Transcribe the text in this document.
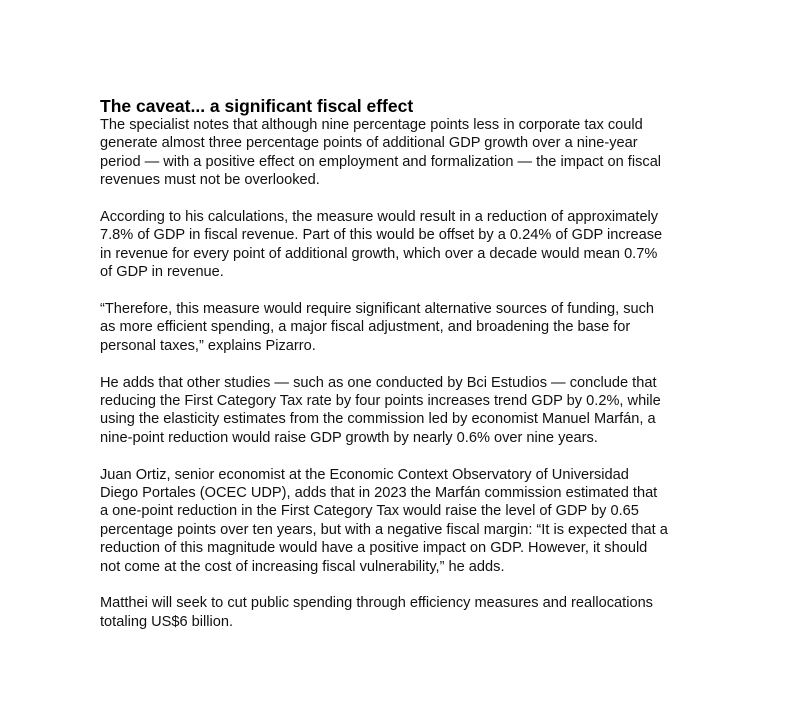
The caveat... a significant fiscal effect

The specialist notes that although nine percentage points less in corporate tax could
generate almost three percentage points of additional GDP growth over a nine-year
period — with a positive effect on employment and formalization — the impact on fiscal
revenues must not be overlooked.

According to his calculations, the measure would result in a reduction of approximately
7.8% of GDP in fiscal revenue. Part of this would be offset by a 0.24% of GDP increase
in revenue for every point of additional growth, which over a decade would mean 0.7%
of GDP in revenue.

“Therefore, this measure would require significant alternative sources of funding, such
as more efficient spending, a major fiscal adjustment, and broadening the base for
personal taxes,” explains Pizarro.

He adds that other studies — such as one conducted by Bci Estudios — conclude that
reducing the First Category Tax rate by four points increases trend GDP by 0.2%, while
using the elasticity estimates from the commission led by economist Manuel Marfán, a
nine-point reduction would raise GDP growth by nearly 0.6% over nine years.

Juan Ortiz, senior economist at the Economic Context Observatory of Universidad
Diego Portales (OCEC UDP), adds that in 2023 the Marfán commission estimated that
a one-point reduction in the First Category Tax would raise the level of GDP by 0.65
percentage points over ten years, but with a negative fiscal margin: “It is expected that a
reduction of this magnitude would have a positive impact on GDP. However, it should
not come at the cost of increasing fiscal vulnerability,” he adds.

Matthei will seek to cut public spending through efficiency measures and reallocations
totaling US$6 billion.
